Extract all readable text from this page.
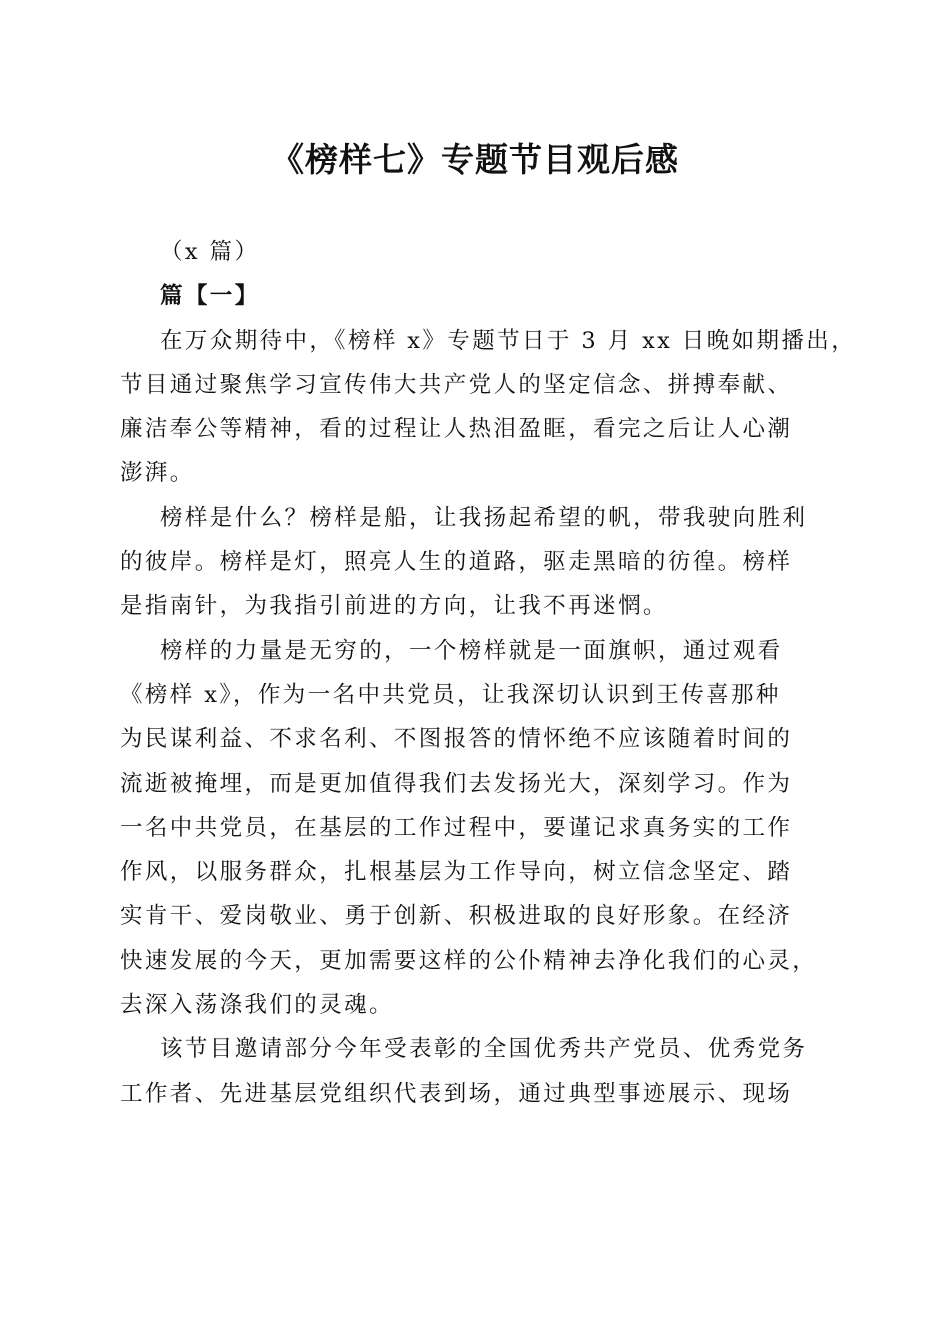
《榜样七》专题节目观后感
（x 篇）
篇【一】
在万众期待中，《榜样 x》专题节日于 3 月 xx 日晚如期播出，
节目通过聚焦学习宣传伟大共产党人的坚定信念、拼搏奉献、
廉洁奉公等精神，看的过程让人热泪盈眶，看完之后让人心潮
澎湃。
榜样是什么？榜样是船，让我扬起希望的帆，带我驶向胜利
的彼岸。榜样是灯，照亮人生的道路，驱走黑暗的彷徨。榜样
是指南针，为我指引前进的方向，让我不再迷惘。
榜样的力量是无穷的，一个榜样就是一面旗帜，通过观看
《榜样 x》，作为一名中共党员，让我深切认识到王传喜那种
为民谋利益、不求名利、不图报答的情怀绝不应该随着时间的
流逝被掩埋，而是更加值得我们去发扬光大，深刻学习。作为
一名中共党员，在基层的工作过程中，要谨记求真务实的工作
作风，以服务群众，扎根基层为工作导向，树立信念坚定、踏
实肯干、爱岗敬业、勇于创新、积极进取的良好形象。在经济
快速发展的今天，更加需要这样的公仆精神去净化我们的心灵，
去深入荡涤我们的灵魂。
该节目邀请部分今年受表彰的全国优秀共产党员、优秀党务
工作者、先进基层党组织代表到场，通过典型事迹展示、现场
